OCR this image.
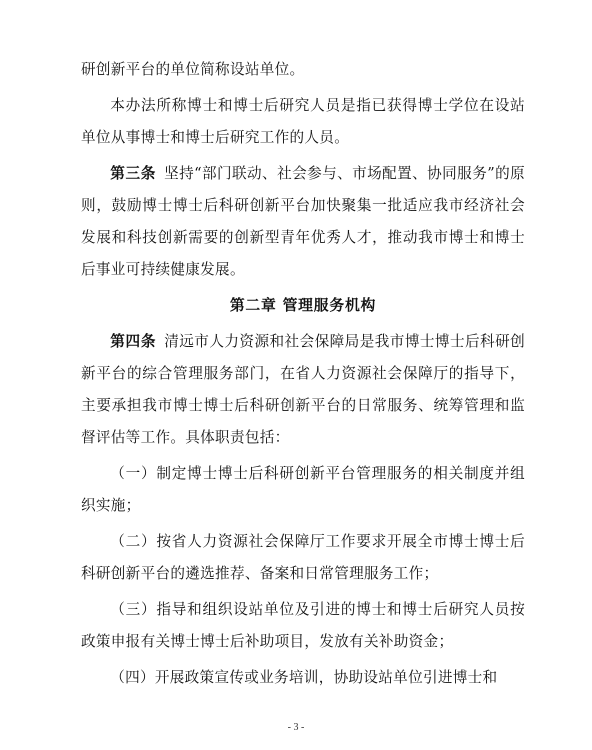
研创新平台的单位简称设站单位。

本办法所称博士和博士后研究人员是指已获得博士学位在设站单位从事博士和博士后研究工作的人员。

第三条 坚持“部门联动、社会参与、市场配置、协同服务”的原则，鼓励博士博士后科研创新平台加快聚集一批适应我市经济社会发展和科技创新需要的创新型青年优秀人才，推动我市博士和博士后事业可持续健康发展。

第二章 管理服务机构

第四条 清远市人力资源和社会保障局是我市博士博士后科研创新平台的综合管理服务部门，在省人力资源社会保障厅的指导下，主要承担我市博士博士后科研创新平台的日常服务、统筹管理和监督评估等工作。具体职责包括：

（一）制定博士博士后科研创新平台管理服务的相关制度并组织实施；

（二）按省人力资源社会保障厅工作要求开展全市博士博士后科研创新平台的遴选推荐、备案和日常管理服务工作；

（三）指导和组织设站单位及引进的博士和博士后研究人员按政策申报有关博士博士后补助项目，发放有关补助资金；

（四）开展政策宣传或业务培训，协助设站单位引进博士和

- 3 -
